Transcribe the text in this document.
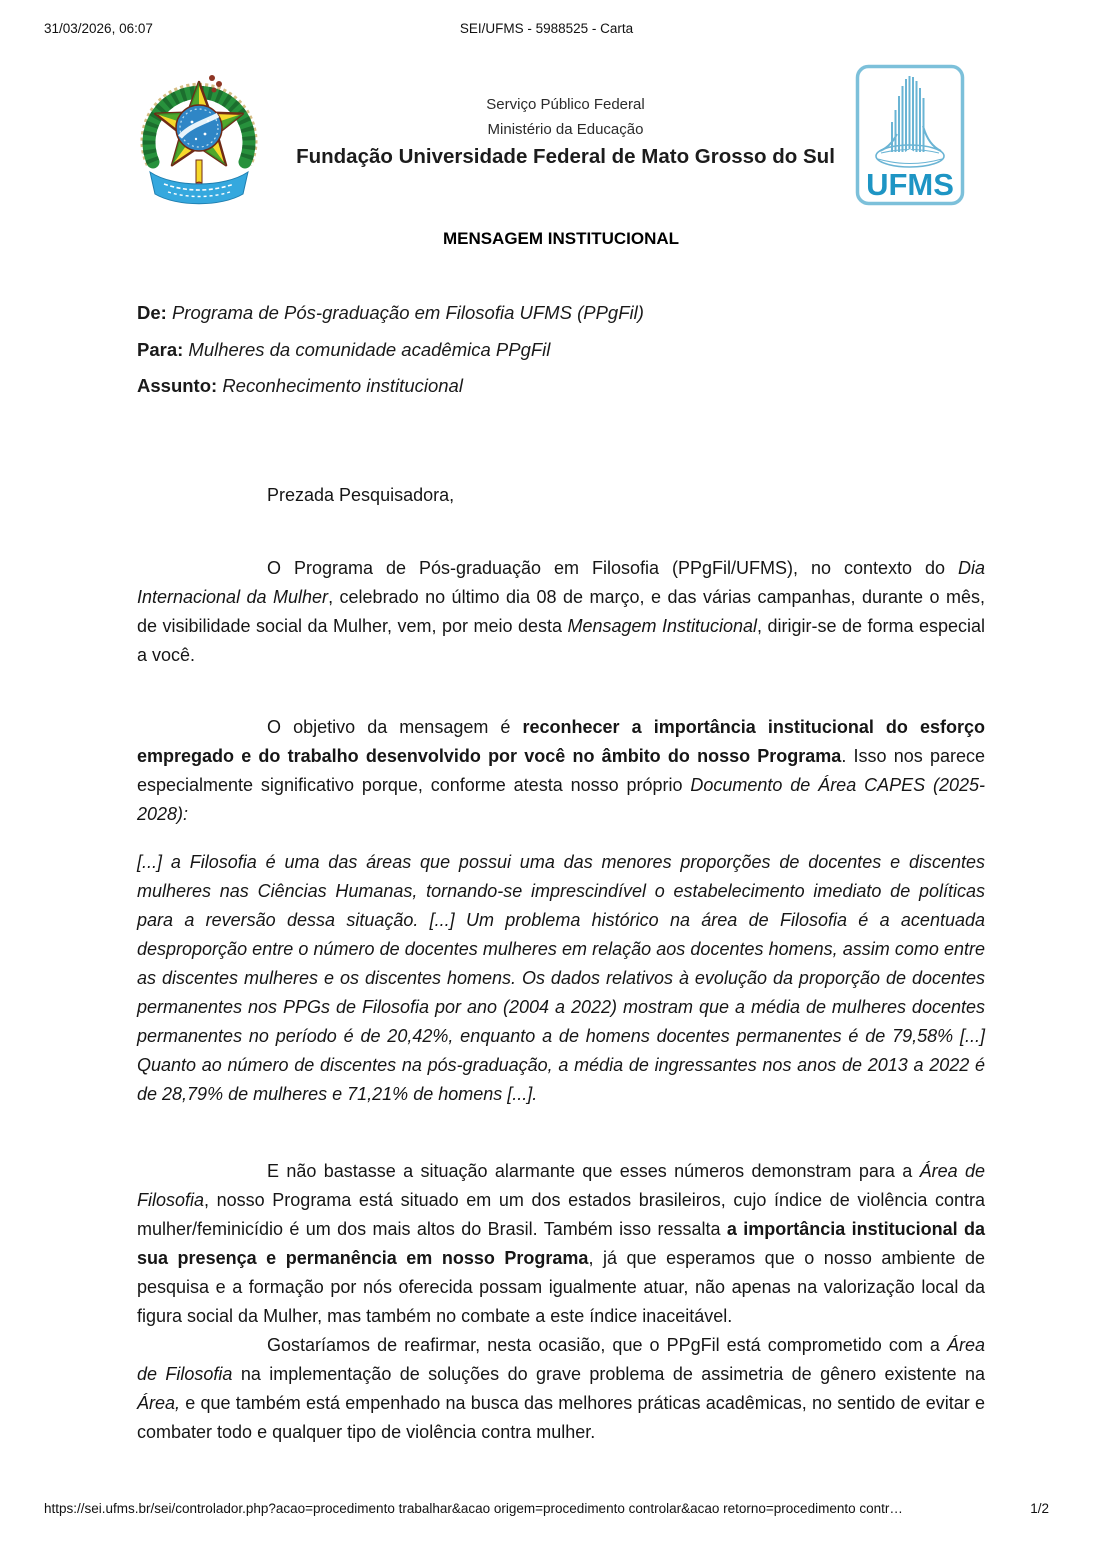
31/03/2026, 06:07	SEI/UFMS - 5988525 - Carta
Serviço Público Federal
Ministério da Educação
Fundação Universidade Federal de Mato Grosso do Sul
UFMS
MENSAGEM INSTITUCIONAL
De: Programa de Pós-graduação em Filosofia UFMS (PPgFil)
Para: Mulheres da comunidade acadêmica PPgFil
Assunto: Reconhecimento institucional
Prezada Pesquisadora,

O Programa de Pós-graduação em Filosofia (PPgFil/UFMS), no contexto do Dia Internacional da Mulher, celebrado no último dia 08 de março, e das várias campanhas, durante o mês, de visibilidade social da Mulher, vem, por meio desta Mensagem Institucional, dirigir-se de forma especial a você.

O objetivo da mensagem é reconhecer a importância institucional do esforço empregado e do trabalho desenvolvido por você no âmbito do nosso Programa. Isso nos parece especialmente significativo porque, conforme atesta nosso próprio Documento de Área CAPES (2025-2028):

[...] a Filosofia é uma das áreas que possui uma das menores proporções de docentes e discentes mulheres nas Ciências Humanas, tornando-se imprescindível o estabelecimento imediato de políticas para a reversão dessa situação. [...] Um problema histórico na área de Filosofia é a acentuada desproporção entre o número de docentes mulheres em relação aos docentes homens, assim como entre as discentes mulheres e os discentes homens. Os dados relativos à evolução da proporção de docentes permanentes nos PPGs de Filosofia por ano (2004 a 2022) mostram que a média de mulheres docentes permanentes no período é de 20,42%, enquanto a de homens docentes permanentes é de 79,58% [...] Quanto ao número de discentes na pós-graduação, a média de ingressantes nos anos de 2013 a 2022 é de 28,79% de mulheres e 71,21% de homens [...].

E não bastasse a situação alarmante que esses números demonstram para a Área de Filosofia, nosso Programa está situado em um dos estados brasileiros, cujo índice de violência contra mulher/feminicídio é um dos mais altos do Brasil. Também isso ressalta a importância institucional da sua presença e permanência em nosso Programa, já que esperamos que o nosso ambiente de pesquisa e a formação por nós oferecida possam igualmente atuar, não apenas na valorização local da figura social da Mulher, mas também no combate a este índice inaceitável.

Gostaríamos de reafirmar, nesta ocasião, que o PPgFil está comprometido com a Área de Filosofia na implementação de soluções do grave problema de assimetria de gênero existente na Área, e que também está empenhado na busca das melhores práticas acadêmicas, no sentido de evitar e combater todo e qualquer tipo de violência contra mulher.

https://sei.ufms.br/sei/controlador.php?acao=procedimento trabalhar&acao origem=procedimento controlar&acao retorno=procedimento contr…	1/2
